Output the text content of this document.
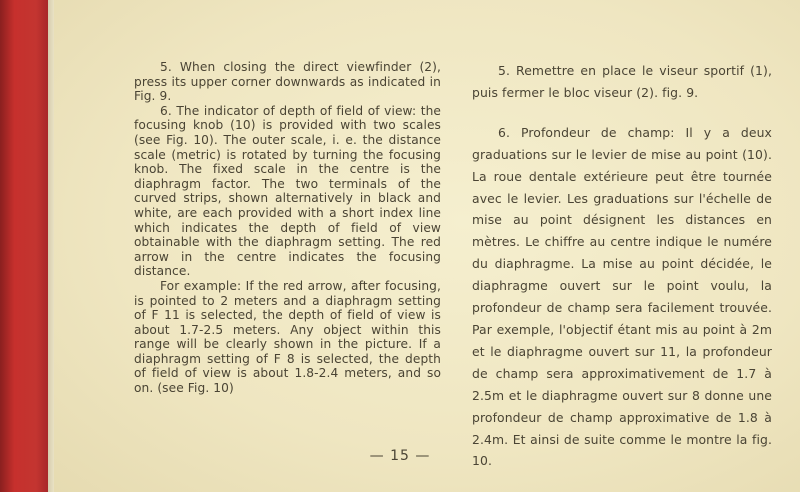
5. When closing the direct viewfinder (2), press its upper corner downwards as indicated in Fig. 9.

6. The indicator of depth of field of view: the focusing knob (10) is provided with two scales (see Fig. 10). The outer scale, i. e. the distance scale (metric) is rotated by turning the focusing knob. The fixed scale in the centre is the diaphragm factor. The two terminals of the curved strips, shown alternatively in black and white, are each provided with a short index line which indicates the depth of field of view obtainable with the diaphragm setting. The red arrow in the centre indicates the focusing distance.

For example: If the red arrow, after focusing, is pointed to 2 meters and a diaphragm setting of F 11 is selected, the depth of field of view is about 1.7-2.5 meters. Any object within this range will be clearly shown in the picture. If a diaphragm setting of F 8 is selected, the depth of field of view is about 1.8-2.4 meters, and so on. (see Fig. 10)

5. Remettre en place le viseur sportif (1), puis fermer le bloc viseur (2). fig. 9.

6. Profondeur de champ: Il y a deux graduations sur le levier de mise au point (10). La roue dentale extérieure peut être tournée avec le levier. Les graduations sur l'échelle de mise au point désignent les distances en mètres. Le chiffre au centre indique le numére du diaphragme. La mise au point décidée, le diaphragme ouvert sur le point voulu, la profondeur de champ sera facilement trouvée. Par exemple, l'objectif étant mis au point à 2m et le diaphragme ouvert sur 11, la profondeur de champ sera approximativement de 1.7 à 2.5m et le diaphragme ouvert sur 8 donne une profondeur de champ approximative de 1.8 à 2.4m. Et ainsi de suite comme le montre la fig. 10.

— 15 —
